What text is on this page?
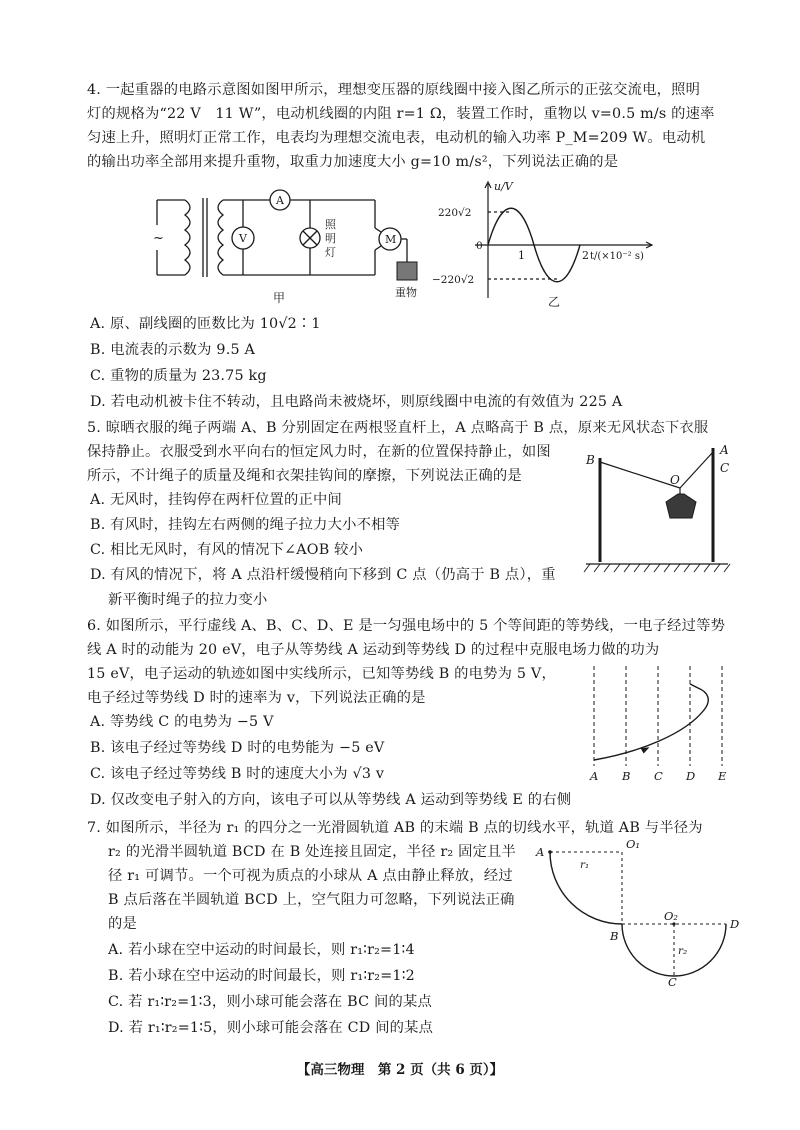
4. 一起重器的电路示意图如图甲所示，理想变压器的原线圈中接入图乙所示的正弦交流电，照明
灯的规格为“22 V　11 W”，电动机线圈的内阻 r=1 Ω，装置工作时，重物以 v=0.5 m/s 的速率
匀速上升，照明灯正常工作，电表均为理想交流电表，电动机的输入功率 P_M=209 W。电动机
的输出功率全部用来提升重物，取重力加速度大小 g=10 m/s²，下列说法正确的是
~	V
A
M
照
明
灯
重物
甲
u/V
t/(×10⁻² s)
220√2
−220√2
0
1	2
乙
A. 原、副线圈的匝数比为 10√2∶1
B. 电流表的示数为 9.5 A
C. 重物的质量为 23.75 kg
D. 若电动机被卡住不转动，且电路尚未被烧坏，则原线圈中电流的有效值为 225 A
5. 晾晒衣服的绳子两端 A、B 分别固定在两根竖直杆上，A 点略高于 B 点，原来无风状态下衣服
保持静止。衣服受到水平向右的恒定风力时，在新的位置保持静止，如图
所示，不计绳子的质量及绳和衣架挂钩间的摩擦，下列说法正确的是
A. 无风时，挂钩停在两杆位置的正中间
B. 有风时，挂钩左右两侧的绳子拉力大小不相等
C. 相比无风时，有风的情况下∠AOB 较小
D. 有风的情况下，将 A 点沿杆缓慢稍向下移到 C 点（仍高于 B 点），重
新平衡时绳子的拉力变小
B
O
A
C
6. 如图所示，平行虚线 A、B、C、D、E 是一匀强电场中的 5 个等间距的等势线，一电子经过等势
线 A 时的动能为 20 eV，电子从等势线 A 运动到等势线 D 的过程中克服电场力做的功为
15 eV，电子运动的轨迹如图中实线所示，已知等势线 B 的电势为 5 V，
电子经过等势线 D 时的速率为 v，下列说法正确的是
A. 等势线 C 的电势为 −5 V
B. 该电子经过等势线 D 时的电势能为 −5 eV
C. 该电子经过等势线 B 时的速度大小为 √3 v
D. 仅改变电子射入的方向，该电子可以从等势线 A 运动到等势线 E 的右侧
A B C D E
7. 如图所示，半径为 r₁ 的四分之一光滑圆轨道 AB 的末端 B 点的切线水平，轨道 AB 与半径为
r₂ 的光滑半圆轨道 BCD 在 B 处连接且固定，半径 r₂ 固定且半
径 r₁ 可调节。一个可视为质点的小球从 A 点由静止释放，经过
B 点后落在半圆轨道 BCD 上，空气阻力可忽略，下列说法正确
的是
A. 若小球在空中运动的时间最长，则 r₁∶r₂=1∶4
B. 若小球在空中运动的时间最长，则 r₁∶r₂=1∶2
C. 若 r₁∶r₂=1∶3，则小球可能会落在 BC 间的某点
D. 若 r₁∶r₂=1∶5，则小球可能会落在 CD 间的某点
A
O₁
r₁
O₂
B
D
r₂
C
【高三物理　第 2 页（共 6 页）】
